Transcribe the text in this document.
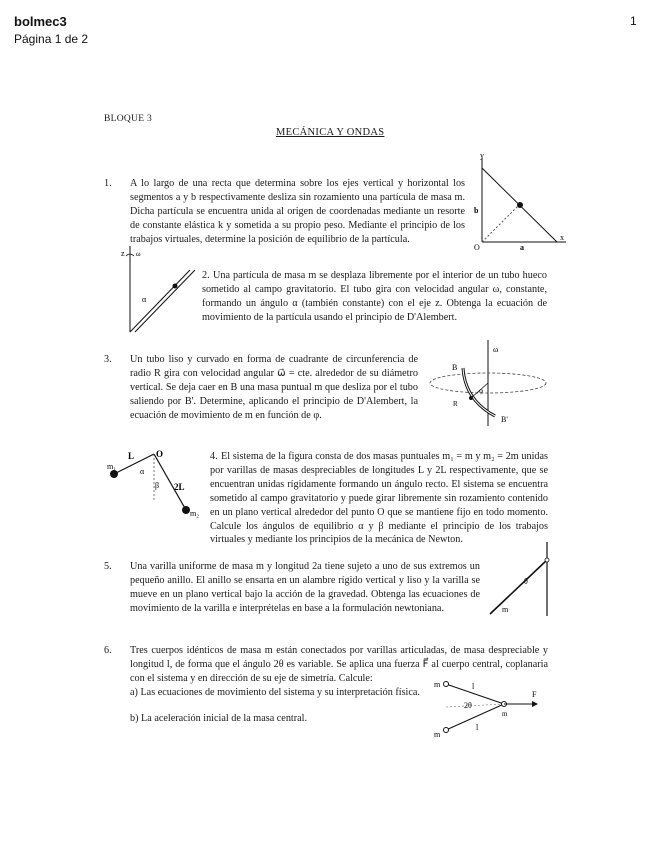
bolmec3
Página 1 de 2
1
BLOQUE 3
MECÁNICA Y ONDAS
1. A lo largo de una recta que determina sobre los ejes vertical y horizontal los segmentos a y b respectivamente desliza sin rozamiento una partícula de masa m. Dicha partícula se encuentra unida al origen de coordenadas mediante un resorte de constante elástica k y sometida a su propio peso. Mediante el principio de los trabajos virtuales, determine la posición de equilibrio de la partícula.
y
b
a
x
O
z ω
α
2. Una partícula de masa m se desplaza libremente por el interior de un tubo hueco sometido al campo gravitatorio. El tubo gira con velocidad angular ω, constante, formando un ángulo α (también constante) con el eje z. Obtenga la ecuación de movimiento de la partícula usando el principio de D'Alembert.
3. Un tubo liso y curvado en forma de cuadrante de circunferencia de radio R gira con velocidad angular ω⃗ = cte. alrededor de su diámetro vertical. Se deja caer en B una masa puntual m que desliza por el tubo saliendo por B'. Determine, aplicando el principio de D'Alembert, la ecuación de movimiento de m en función de φ.
ω
B
B'
φ
R
L O
m₁
α
β 2L
m₂
4. El sistema de la figura consta de dos masas puntuales m₁ = m y m₂ = 2m unidas por varillas de masas despreciables de longitudes L y 2L respectivamente, que se encuentran unidas rígidamente formando un ángulo recto. El sistema se encuentra sometido al campo gravitatorio y puede girar libremente sin rozamiento contenido en un plano vertical alrededor del punto O que se mantiene fijo en todo momento. Calcule los ángulos de equilibrio α y β mediante el principio de los trabajos virtuales y mediante los principios de la mecánica de Newton.
5. Una varilla uniforme de masa m y longitud 2a tiene sujeto a uno de sus extremos un pequeño anillo. El anillo se ensarta en un alambre rígido vertical y liso y la varilla se mueve en un plano vertical bajo la acción de la gravedad. Obtenga las ecuaciones de movimiento de la varilla e interprételas en base a la formulación newtoniana.
θ
m
6. Tres cuerpos idénticos de masa m están conectados por varillas articuladas, de masa despreciable y longitud l, de forma que el ángulo 2θ es variable. Se aplica una fuerza F⃗ al cuerpo central, coplanaria con el sistema y en dirección de su eje de simetría. Calcule:
a) Las ecuaciones de movimiento del sistema y su interpretación física.
b) La aceleración inicial de la masa central.
m	l
2θ
F
m
l
m
